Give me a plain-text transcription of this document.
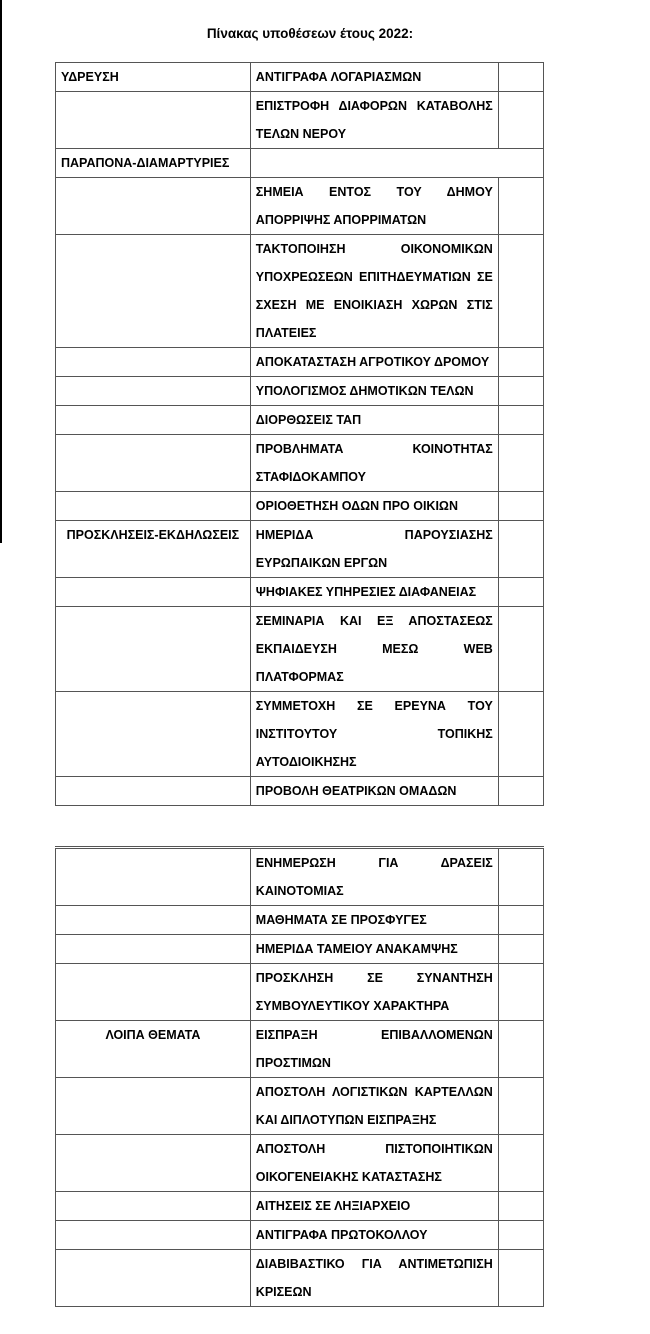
Πίνακας υποθέσεων έτους 2022:
ΥΔΡΕΥΣΗ	ΑΝΤΙΓΡΑΦΑ ΛΟΓΑΡΙΑΣΜΩΝ	
	ΕΠΙΣΤΡΟΦΗ ΔΙΑΦΟΡΩΝ ΚΑΤΑΒΟΛΗΣ ΤΕΛΩΝ ΝΕΡΟΥ	
ΠΑΡΑΠΟΝΑ-ΔΙΑΜΑΡΤΥΡΙΕΣ		
	ΣΗΜΕΙΑ ΕΝΤΟΣ ΤΟΥ ΔΗΜΟΥ ΑΠΟΡΡΙΨΗΣ ΑΠΟΡΡΙΜΑΤΩΝ	
	ΤΑΚΤΟΠΟΙΗΣΗ ΟΙΚΟΝΟΜΙΚΩΝ ΥΠΟΧΡΕΩΣΕΩΝ ΕΠΙΤΗΔΕΥΜΑΤΙΩΝ ΣΕ ΣΧΕΣΗ ΜΕ ΕΝΟΙΚΙΑΣΗ ΧΩΡΩΝ ΣΤΙΣ ΠΛΑΤΕΙΕΣ	
	ΑΠΟΚΑΤΑΣΤΑΣΗ ΑΓΡΟΤΙΚΟΥ ΔΡΟΜΟΥ	
	ΥΠΟΛΟΓΙΣΜΟΣ ΔΗΜΟΤΙΚΩΝ ΤΕΛΩΝ	
	ΔΙΟΡΘΩΣΕΙΣ ΤΑΠ	
	ΠΡΟΒΛΗΜΑΤΑ ΚΟΙΝΟΤΗΤΑΣ ΣΤΑΦΙΔΟΚΑΜΠΟΥ	
	ΟΡΙΟΘΕΤΗΣΗ ΟΔΩΝ ΠΡΟ ΟΙΚΙΩΝ	
ΠΡΟΣΚΛΗΣΕΙΣ-ΕΚΔΗΛΩΣΕΙΣ	ΗΜΕΡΙΔΑ ΠΑΡΟΥΣΙΑΣΗΣ ΕΥΡΩΠΑΙΚΩΝ ΕΡΓΩΝ	
	ΨΗΦΙΑΚΕΣ ΥΠΗΡΕΣΙΕΣ ΔΙΑΦΑΝΕΙΑΣ	
	ΣΕΜΙΝΑΡΙΑ ΚΑΙ ΕΞ ΑΠΟΣΤΑΣΕΩΣ ΕΚΠΑΙΔΕΥΣΗ ΜΕΣΩ WEB ΠΛΑΤΦΟΡΜΑΣ	
	ΣΥΜΜΕΤΟΧΗ ΣΕ ΕΡΕΥΝΑ ΤΟΥ ΙΝΣΤΙΤΟΥΤΟΥ ΤΟΠΙΚΗΣ ΑΥΤΟΔΙΟΙΚΗΣΗΣ	
	ΠΡΟΒΟΛΗ ΘΕΑΤΡΙΚΩΝ ΟΜΑΔΩΝ	
	ΕΝΗΜΕΡΩΣΗ ΓΙΑ ΔΡΑΣΕΙΣ ΚΑΙΝΟΤΟΜΙΑΣ	
	ΜΑΘΗΜΑΤΑ ΣΕ ΠΡΟΣΦΥΓΕΣ	
	ΗΜΕΡΙΔΑ ΤΑΜΕΙΟΥ ΑΝΑΚΑΜΨΗΣ	
	ΠΡΟΣΚΛΗΣΗ ΣΕ ΣΥΝΑΝΤΗΣΗ ΣΥΜΒΟΥΛΕΥΤΙΚΟΥ ΧΑΡΑΚΤΗΡΑ	
ΛΟΙΠΑ ΘΕΜΑΤΑ	ΕΙΣΠΡΑΞΗ ΕΠΙΒΑΛΛΟΜΕΝΩΝ ΠΡΟΣΤΙΜΩΝ	
	ΑΠΟΣΤΟΛΗ ΛΟΓΙΣΤΙΚΩΝ ΚΑΡΤΕΛΛΩΝ ΚΑΙ ΔΙΠΛΟΤΥΠΩΝ ΕΙΣΠΡΑΞΗΣ	
	ΑΠΟΣΤΟΛΗ ΠΙΣΤΟΠΟΙΗΤΙΚΩΝ ΟΙΚΟΓΕΝΕΙΑΚΗΣ ΚΑΤΑΣΤΑΣΗΣ	
	ΑΙΤΗΣΕΙΣ ΣΕ ΛΗΞΙΑΡΧΕΙΟ	
	ΑΝΤΙΓΡΑΦΑ ΠΡΩΤΟΚΟΛΛΟΥ	
	ΔΙΑΒΙΒΑΣΤΙΚΟ ΓΙΑ ΑΝΤΙΜΕΤΩΠΙΣΗ ΚΡΙΣΕΩΝ	
